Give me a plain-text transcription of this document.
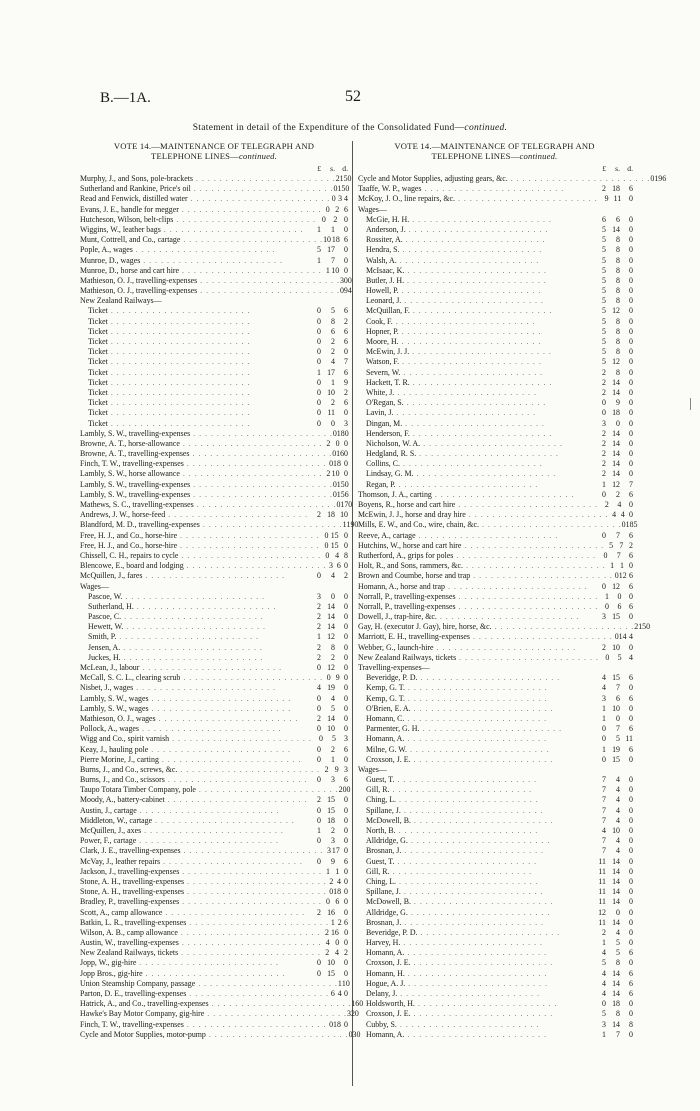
B.—1A.	52
Statement in detail of the Expenditure of the Consolidated Fund—continued.
VOTE 14.—MAINTENANCE OF TELEGRAPH AND
TELEPHONE LINES—continued.
£	s. d.
Murphy, J., and Sons, pole-brackets . . . . . . . . . . . . . . . . . . . . . . . . 2 15 0
Sutherland and Rankine, Price's oil . . . . . . . . . . . . . . . . . . . . . . . . 0 15 0
Read and Fenwick, distilled water . . . . . . . . . . . . . . . . . . . . . . . . 0 3 4
Evans, J. E., handle for megger . . . . . . . . . . . . . . . . . . . . . . . . 0 2 6
Hutcheson, Wilson, belt-clips . . . . . . . . . . . . . . . . . . . . . . . . 0 2 0
Wiggins, W., leather bags . . . . . . . . . . . . . . . . . . . . . . . .	1	1	0
Munt, Cottrell, and Co., cartage . . . . . . . . . . . . . . . . . . . . . . . . 10 18 6
Pople, A., wages . . . . . . . . . . . . . . . . . . . . . . . .	5 17	0
Munroe, D., wages . . . . . . . . . . . . . . . . . . . . . . . .	1	7	0
Munroe, D., horse and cart hire . . . . . . . . . . . . . . . . . . . . . . . . 1 10 0
Mathieson, O. J., travelling-expenses . . . . . . . . . . . . . . . . . . . . . . . . 3 0 0
Mathieson, O. J., travelling-expenses . . . . . . . . . . . . . . . . . . . . . . . . 0 9 4
New Zealand Railways—
Ticket . . . . . . . . . . . . . . . . . . . . . . . .	0	5	6
Ticket . . . . . . . . . . . . . . . . . . . . . . . .	0	8	2
Ticket . . . . . . . . . . . . . . . . . . . . . . . .	0	6	6
Ticket . . . . . . . . . . . . . . . . . . . . . . . .	0	2	6
Ticket . . . . . . . . . . . . . . . . . . . . . . . .	0	2	0
Ticket . . . . . . . . . . . . . . . . . . . . . . . .	0	4	7
Ticket . . . . . . . . . . . . . . . . . . . . . . . .	1 17	6
Ticket . . . . . . . . . . . . . . . . . . . . . . . .	0	1	9
Ticket . . . . . . . . . . . . . . . . . . . . . . . .	0 10	2
Ticket . . . . . . . . . . . . . . . . . . . . . . . .	0	2	6
Ticket . . . . . . . . . . . . . . . . . . . . . . . .	0 11	0
Ticket . . . . . . . . . . . . . . . . . . . . . . . .	0	0	3
Lambly, S. W., travelling-expenses . . . . . . . . . . . . . . . . . . . . . . . . 0 18 0
Browne, A. T., horse-allowance . . . . . . . . . . . . . . . . . . . . . . . . 2 0 0
Browne, A. T., travelling-expenses . . . . . . . . . . . . . . . . . . . . . . . . 0 16 0
Finch, T. W., travelling-expenses . . . . . . . . . . . . . . . . . . . . . . . . 0 18 0
Lambly, S. W., horse allowance . . . . . . . . . . . . . . . . . . . . . . . . 2 10 0
Lambly, S. W., travelling-expenses . . . . . . . . . . . . . . . . . . . . . . . . 0 15 0
Lambly, S. W., travelling-expenses . . . . . . . . . . . . . . . . . . . . . . . . 0 15 6
Mathews, S. C., travelling-expenses . . . . . . . . . . . . . . . . . . . . . . . . 0 17 0
Andrews, J. W., horse-feed . . . . . . . . . . . . . . . . . . . . . . . .	2 18 10
Blandford, M. D., travelling-expenses . . . . . . . . . . . . . . . . . . . . . . . . 1 19 0
Free, H. J., and Co., horse-hire . . . . . . . . . . . . . . . . . . . . . . . . 0 15 0
Free, H. J., and Co., horse-hire . . . . . . . . . . . . . . . . . . . . . . . . 0 15 0
Chissell, C. H., repairs to cycle . . . . . . . . . . . . . . . . . . . . . . . . 0 4 8
Blencowe, E., board and lodging . . . . . . . . . . . . . . . . . . . . . . . . 3 6 0
McQuillen, J., fares . . . . . . . . . . . . . . . . . . . . . . . .	0	4	2
Wages—
Pascoe, W. . . . . . . . . . . . . . . . . . . . . . . . .	3	0	0
Sutherland, H. . . . . . . . . . . . . . . . . . . . . . . . .	2 14	0
Pascoe, C. . . . . . . . . . . . . . . . . . . . . . . . .	2 14	0
Hewett, W. . . . . . . . . . . . . . . . . . . . . . . . .	2 14	0
Smith, P. . . . . . . . . . . . . . . . . . . . . . . . .	1 12	0
Jensen, A. . . . . . . . . . . . . . . . . . . . . . . . .	2	8	0
Juckes, H. . . . . . . . . . . . . . . . . . . . . . . . .	2	2	0
McLean, J., labour . . . . . . . . . . . . . . . . . . . . . . . .	0 12	0
McCall, S. C. L., clearing scrub . . . . . . . . . . . . . . . . . . . . . . . . 0 9 0
Nisbet, J., wages . . . . . . . . . . . . . . . . . . . . . . . .	4 19	0
Lambly, S. W., wages . . . . . . . . . . . . . . . . . . . . . . . .	0	4	0
Lambly, S. W., wages . . . . . . . . . . . . . . . . . . . . . . . .	0	5	0
Mathieson, O. J., wages . . . . . . . . . . . . . . . . . . . . . . . .	2 14	0
Pollock, A., wages . . . . . . . . . . . . . . . . . . . . . . . .	0 10	0
Wigg and Co., spirit varnish . . . . . . . . . . . . . . . . . . . . . . . . 0	5	3
Keay, J., hauling pole . . . . . . . . . . . . . . . . . . . . . . . .	0	2	6
Pierre Morine, J., carting . . . . . . . . . . . . . . . . . . . . . . . .	0	1	0
Burns, J., and Co., screws, &c. . . . . . . . . . . . . . . . . . . . . . . . . 2 9 3
Burns, J., and Co., scissors . . . . . . . . . . . . . . . . . . . . . . . .	0	3	6
Taupo Totara Timber Company, pole . . . . . . . . . . . . . . . . . . . . . . . . 2 0 0
Moody, A., battery-cabinet . . . . . . . . . . . . . . . . . . . . . . . .	2 15	0
Austin, J., cartage . . . . . . . . . . . . . . . . . . . . . . . .	0 15	0
Middleton, W., cartage . . . . . . . . . . . . . . . . . . . . . . . .	0 18	0
McQuillen, J., axes . . . . . . . . . . . . . . . . . . . . . . . .	1	2	0
Power, F., cartage . . . . . . . . . . . . . . . . . . . . . . . .	0	3	0
Clark, J. E., travelling-expenses . . . . . . . . . . . . . . . . . . . . . . . . 3 17 0
McVay, J., leather repairs . . . . . . . . . . . . . . . . . . . . . . . .	0	9	6
Jackson, J., travelling-expenses . . . . . . . . . . . . . . . . . . . . . . . . 1 1 0
Stone, A. H., travelling-expenses . . . . . . . . . . . . . . . . . . . . . . . . 2 4 0
Stone, A. H., travelling-expenses . . . . . . . . . . . . . . . . . . . . . . . . 0 18 0
Bradley, P., travelling-expenses . . . . . . . . . . . . . . . . . . . . . . . . 0 6 0
Scott, A., camp allowance . . . . . . . . . . . . . . . . . . . . . . . .	2 16	0
Batkin, L. R., travelling-expenses . . . . . . . . . . . . . . . . . . . . . . . . 1 2 6
Wilson, A. B., camp allowance . . . . . . . . . . . . . . . . . . . . . . . . 2 16 0
Austin, W., travelling-expenses . . . . . . . . . . . . . . . . . . . . . . . . 4 0 0
New Zealand Railways, tickets . . . . . . . . . . . . . . . . . . . . . . . . 2 4 2
Jopp, W., gig-hire . . . . . . . . . . . . . . . . . . . . . . . .	0 10	0
Jopp Bros., gig-hire . . . . . . . . . . . . . . . . . . . . . . . .	0 15	0
Union Steamship Company, passage . . . . . . . . . . . . . . . . . . . . . . . . 1 1 0
Parton, D. E., travelling-expenses . . . . . . . . . . . . . . . . . . . . . . . . 6 4 0
Hatrick, A., and Co., travelling-expenses . . . . . . . . . . . . . . . . . . . . . . . . 1 6 0
Hawke's Bay Motor Company, gig-hire . . . . . . . . . . . . . . . . . . . . . . . . 3 2 0
Finch, T. W., travelling-expenses . . . . . . . . . . . . . . . . . . . . . . . . 0 18 0
Cycle and Motor Supplies, motor-pump . . . . . . . . . . . . . . . . . . . . . . . . 0 3 0
VOTE 14.—MAINTENANCE OF TELEGRAPH AND
TELEPHONE LINES—continued.
£	s. d.
Cycle and Motor Supplies, adjusting gears, &c. . . . . . . . . . . . . . . . . . . . . . . . . 0 19 6
Taaffe, W. P., wages . . . . . . . . . . . . . . . . . . . . . . . .	2 18	6
McKoy, J. O., line repairs, &c. . . . . . . . . . . . . . . . . . . . . . . . . 9 11 0
Wages—
McGie, H. H. . . . . . . . . . . . . . . . . . . . . . . . .	6	6	0
Anderson, J. . . . . . . . . . . . . . . . . . . . . . . . .	5 14	0
Rossiter, A. . . . . . . . . . . . . . . . . . . . . . . . .	5	8	0
Hendra, S. . . . . . . . . . . . . . . . . . . . . . . . .	5	8	0
Walsh, A. . . . . . . . . . . . . . . . . . . . . . . . .	5	8	0
McIsaac, K. . . . . . . . . . . . . . . . . . . . . . . . .	5	8	0
Butler, J. H. . . . . . . . . . . . . . . . . . . . . . . . .	5	8	0
Howell, P. . . . . . . . . . . . . . . . . . . . . . . . .	5	8	0
Leonard, J. . . . . . . . . . . . . . . . . . . . . . . . .	5	8	0
McQuillan, F. . . . . . . . . . . . . . . . . . . . . . . . .	5 12	0
Cook, F. . . . . . . . . . . . . . . . . . . . . . . . .	5	8	0
Hopner, P. . . . . . . . . . . . . . . . . . . . . . . . .	5	8	0
Moore, H. . . . . . . . . . . . . . . . . . . . . . . . .	5	8	0
McEwin, J. J. . . . . . . . . . . . . . . . . . . . . . . . .	5	8	0
Watson, F. . . . . . . . . . . . . . . . . . . . . . . . .	5 12	0
Severn, W. . . . . . . . . . . . . . . . . . . . . . . . .	2	8	0
Hackett, T. R. . . . . . . . . . . . . . . . . . . . . . . . .	2 14	0
White, J. . . . . . . . . . . . . . . . . . . . . . . . .	2 14	0
O'Regan, S. . . . . . . . . . . . . . . . . . . . . . . . .	0	9	0
Lavin, J. . . . . . . . . . . . . . . . . . . . . . . . .	0 18	0
Dingan, M. . . . . . . . . . . . . . . . . . . . . . . . .	3	0	0
Henderson, F. . . . . . . . . . . . . . . . . . . . . . . . .	2 14	0
Nicholson, W. A. . . . . . . . . . . . . . . . . . . . . . . . .	2 14	0
Hedgland, R. S. . . . . . . . . . . . . . . . . . . . . . . . .	2 14	0
Collins, C. . . . . . . . . . . . . . . . . . . . . . . . .	2 14	0
Lindsay, G. M. . . . . . . . . . . . . . . . . . . . . . . . .	2 14	0
Regan, P. . . . . . . . . . . . . . . . . . . . . . . . .	1 12	7
Thomson, J. A., carting . . . . . . . . . . . . . . . . . . . . . . . .	0	2	6
Boyens, R., horse and cart hire . . . . . . . . . . . . . . . . . . . . . . . . 2	4 0
McEwin, J. J., horse and dray hire . . . . . . . . . . . . . . . . . . . . . . . . 4 4 0
Mills, E. W., and Co., wire, chain, &c. . . . . . . . . . . . . . . . . . . . . . . . . 0 18 5
Reeve, A., cartage . . . . . . . . . . . . . . . . . . . . . . . .	0	7	6
Hutchins, W., horse and cart hire . . . . . . . . . . . . . . . . . . . . . . . . 5 7 2
Rutherford, A., grips for poles . . . . . . . . . . . . . . . . . . . . . . . . 0	7	6
Holt, R., and Sons, rammers, &c. . . . . . . . . . . . . . . . . . . . . . . . . 1 1 0
Brown and Coumbe, horse and trap . . . . . . . . . . . . . . . . . . . . . . . . 0 12 6
Homann, A., horse and trap . . . . . . . . . . . . . . . . . . . . . . . .	0 12	6
Norrall, P., travelling-expenses . . . . . . . . . . . . . . . . . . . . . . . . 1	0 0
Norrall, P., travelling-expenses . . . . . . . . . . . . . . . . . . . . . . . . 0	6 6
Dowell, J., trap-hire, &c. . . . . . . . . . . . . . . . . . . . . . . . .	3 15	0
Gay, H. (executor J. Gay), hire, horse, &c. . . . . . . . . . . . . . . . . . . . . . . . . 2 15 0
Marriott, E. H., travelling-expenses . . . . . . . . . . . . . . . . . . . . . . . . 0 14 4
Webber, G., launch-hire . . . . . . . . . . . . . . . . . . . . . . . .	2 10	0
New Zealand Railways, tickets . . . . . . . . . . . . . . . . . . . . . . . . 0	5 4
Travelling-expenses—
Beveridge, P. D. . . . . . . . . . . . . . . . . . . . . . . . .	4 15	6
Kemp, G. T. . . . . . . . . . . . . . . . . . . . . . . . .	4	7	0
Kemp, G. T. . . . . . . . . . . . . . . . . . . . . . . . .	3	6	6
O'Brien, E. A. . . . . . . . . . . . . . . . . . . . . . . . .	1 10	0
Homann, C. . . . . . . . . . . . . . . . . . . . . . . . .	1	0	0
Parmenter, G. H. . . . . . . . . . . . . . . . . . . . . . . . .	0	7	6
Homann, A. . . . . . . . . . . . . . . . . . . . . . . . .	0	5 11
Milne, G. W. . . . . . . . . . . . . . . . . . . . . . . . .	1 19	6
Croxson, J. E. . . . . . . . . . . . . . . . . . . . . . . . .	0 15	0
Wages—
Guest, T. . . . . . . . . . . . . . . . . . . . . . . . .	7	4	0
Gill, R. . . . . . . . . . . . . . . . . . . . . . . . .	7	4	0
Ching, L. . . . . . . . . . . . . . . . . . . . . . . . .	7	4	0
Spillane, J. . . . . . . . . . . . . . . . . . . . . . . . .	7	4	0
McDowell, B. . . . . . . . . . . . . . . . . . . . . . . . .	7	4	0
North, B. . . . . . . . . . . . . . . . . . . . . . . . .	4 10	0
Alldridge, G. . . . . . . . . . . . . . . . . . . . . . . . .	7	4	0
Brosnan, J. . . . . . . . . . . . . . . . . . . . . . . . .	7	4	0
Guest, T. . . . . . . . . . . . . . . . . . . . . . . . .	11 14	0
Gill, R. . . . . . . . . . . . . . . . . . . . . . . . .	11 14	0
Ching, L. . . . . . . . . . . . . . . . . . . . . . . . .	11 14	0
Spillane, J. . . . . . . . . . . . . . . . . . . . . . . . .	11 14	0
McDowell, B. . . . . . . . . . . . . . . . . . . . . . . . .	11 14	0
Alldridge, G. . . . . . . . . . . . . . . . . . . . . . . . .	12	0	0
Brosnan, J. . . . . . . . . . . . . . . . . . . . . . . . .	11 14	0
Beveridge, P. D. . . . . . . . . . . . . . . . . . . . . . . . .	2	4	0
Harvey, H. . . . . . . . . . . . . . . . . . . . . . . . .	1	5	0
Homann, A. . . . . . . . . . . . . . . . . . . . . . . . .	4	5	6
Croxson, J. E. . . . . . . . . . . . . . . . . . . . . . . . .	5	8	0
Homann, H. . . . . . . . . . . . . . . . . . . . . . . . .	4 14	6
Hogue, A. J. . . . . . . . . . . . . . . . . . . . . . . . .	4 14	6
Delany, J. . . . . . . . . . . . . . . . . . . . . . . . .	4 14	6
Holdsworth, H. . . . . . . . . . . . . . . . . . . . . . . . .	0 18	0
Croxson, J. E. . . . . . . . . . . . . . . . . . . . . . . . .	5	8	0
Cubby, S. . . . . . . . . . . . . . . . . . . . . . . . .	3 14	8
Homann, A. . . . . . . . . . . . . . . . . . . . . . . . .	1	7	0
